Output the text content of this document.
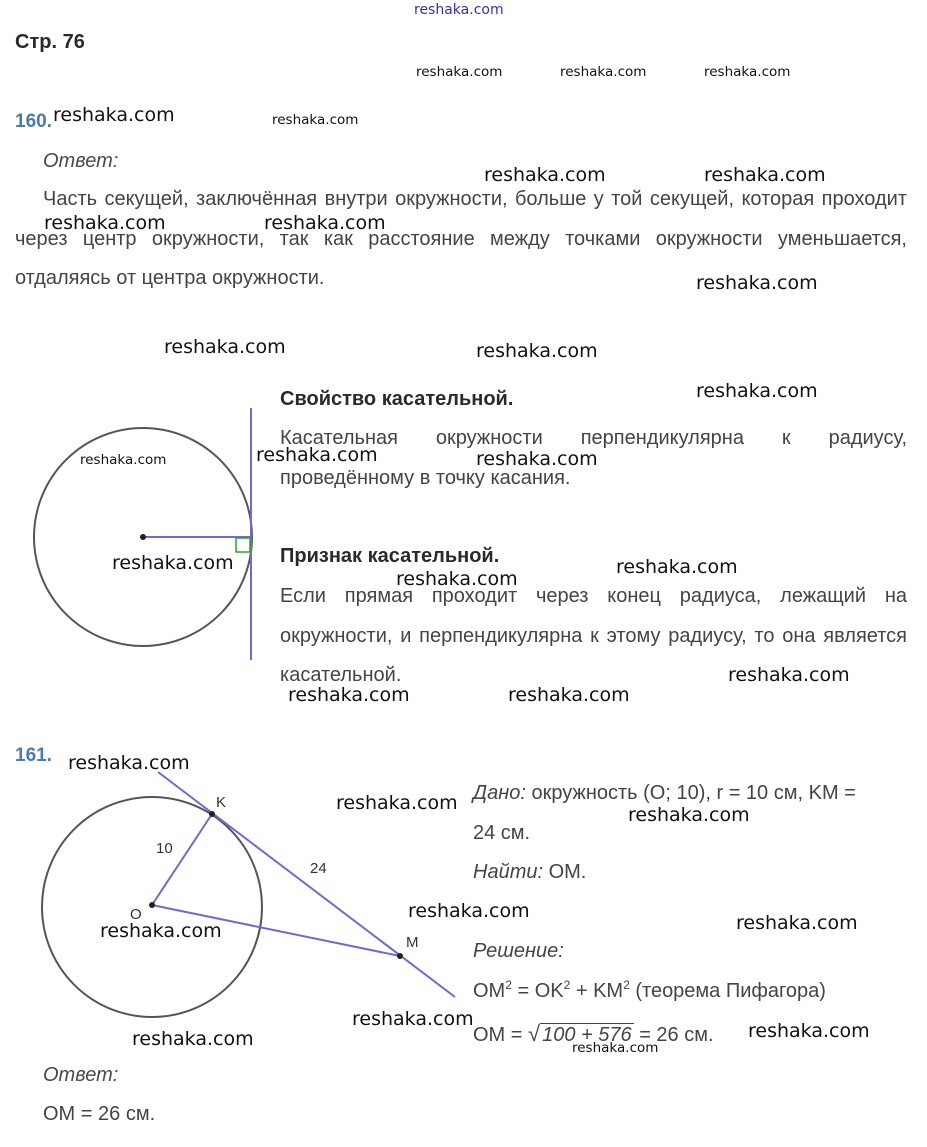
reshaka.com
Стр. 76
160.
Ответ:
Часть секущей, заключённая внутри окружности, больше у той секущей, которая проходит через центр окружности, так как расстояние между точками окружности уменьшается, отдаляясь от центра окружности.
Свойство касательной.
Касательная окружности перпендикулярна к радиусу, проведённому в точку касания.
Признак касательной.
Если прямая проходит через конец радиуса, лежащий на окружности, и перпендикулярна к этому радиусу, то она является касательной.
161.
K
O
M
10
24
Дано: окружность (O; 10), r = 10 см, KM =
24 см.
Найти: OM.
Решение:
$OM^2 = OK^2 + KM^2$ (теорема Пифагора)
OM = √ 100 + 576 = 26 см.
Ответ:
OM = 26 см.
reshaka.com	reshaka.com	reshaka.com
reshaka.com	reshaka.com
reshaka.com	reshaka.com
reshaka.com	reshaka.com
reshaka.com
reshaka.com	reshaka.com
reshaka.com
reshaka.com	reshaka.com	reshaka.com
reshaka.com	reshaka.com
reshaka.com
reshaka.com
reshaka.com	reshaka.com
reshaka.com
reshaka.com
reshaka.com
reshaka.com
reshaka.com
reshaka.com
reshaka.com
reshaka.com	reshaka.com
reshaka.com
